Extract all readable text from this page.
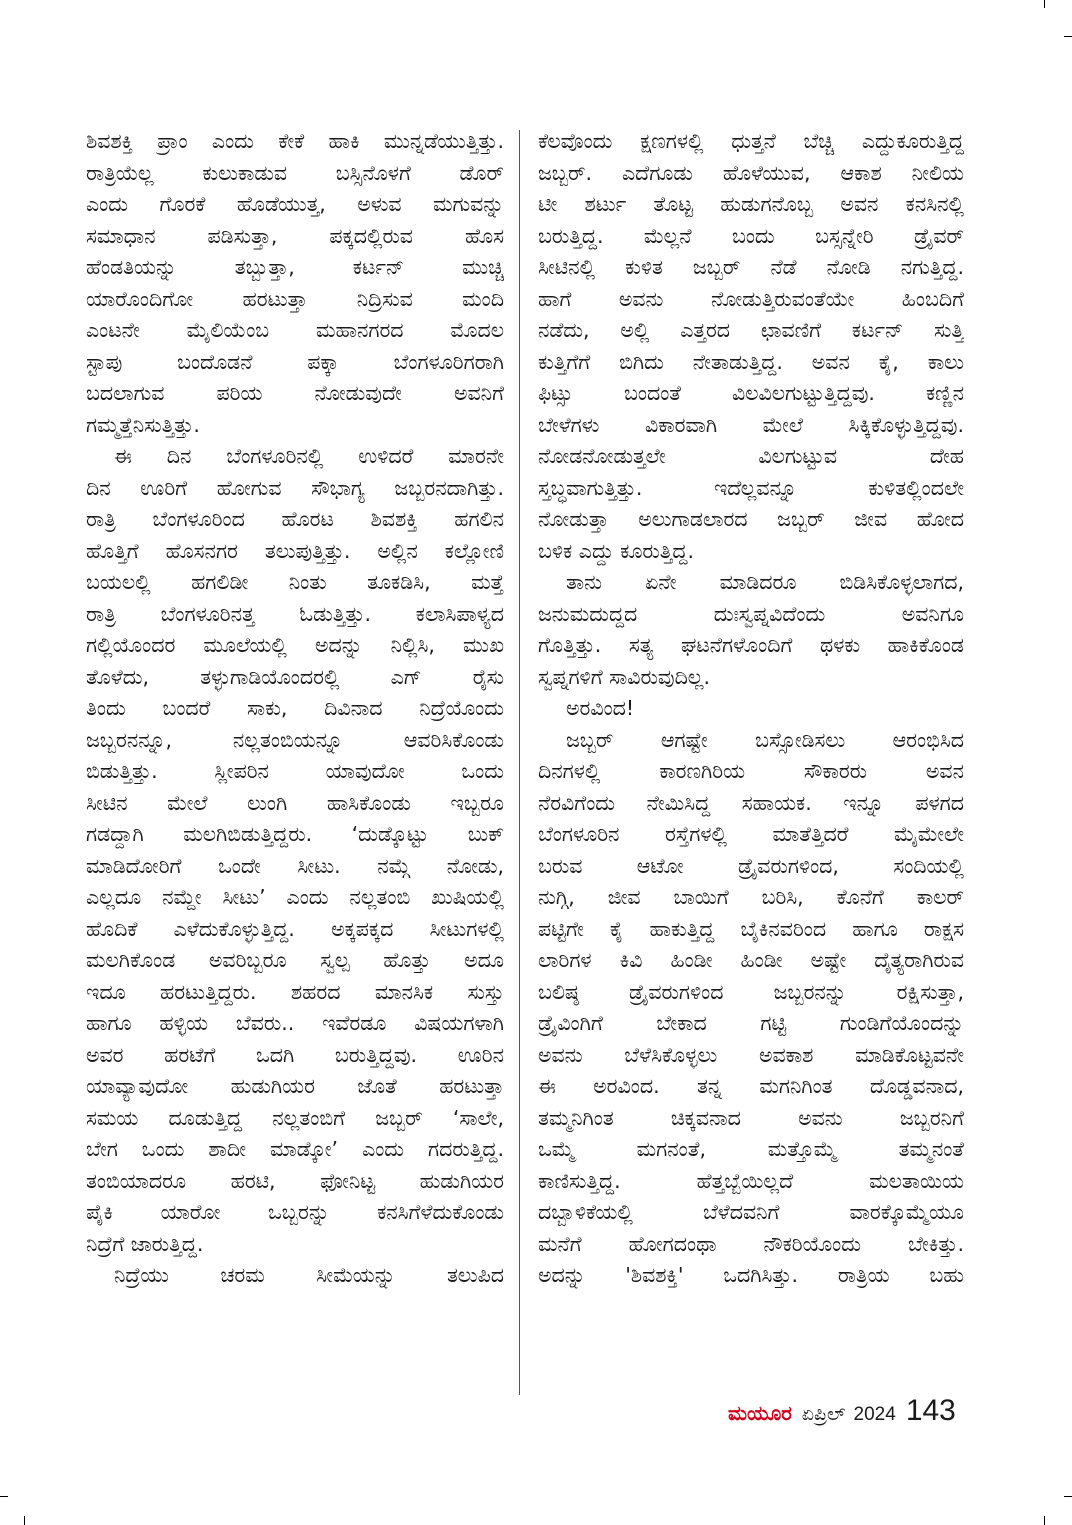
ಶಿವಶಕ್ತಿ ಪ್ರಾಂ ಎಂದು ಕೇಕೆ ಹಾಕಿ ಮುನ್ನಡೆಯುತ್ತಿತ್ತು.
ರಾತ್ರಿಯೆಲ್ಲ ಕುಲುಕಾಡುವ ಬಸ್ಸಿನೊಳಗೆ ಡೊರ್
ಎಂದು ಗೊರಕೆ ಹೊಡೆಯುತ್ತ, ಅಳುವ ಮಗುವನ್ನು
ಸಮಾಧಾನ ಪಡಿಸುತ್ತಾ, ಪಕ್ಕದಲ್ಲಿರುವ ಹೊಸ
ಹೆಂಡತಿಯನ್ನು ತಬ್ಬುತ್ತಾ, ಕರ್ಟನ್ ಮುಚ್ಚಿ
ಯಾರೊಂದಿಗೋ ಹರಟುತ್ತಾ ನಿದ್ರಿಸುವ ಮಂದಿ
ಎಂಟನೇ ಮೈಲಿಯೆಂಬ ಮಹಾನಗರದ ಮೊದಲ
ಸ್ಟಾಪು ಬಂದೊಡನೆ ಪಕ್ಕಾ ಬೆಂಗಳೂರಿಗರಾಗಿ
ಬದಲಾಗುವ ಪರಿಯ ನೋಡುವುದೇ ಅವನಿಗೆ
ಗಮ್ಮತ್ತೆನಿಸುತ್ತಿತ್ತು.
ಈ ದಿನ ಬೆಂಗಳೂರಿನಲ್ಲಿ ಉಳಿದರೆ ಮಾರನೇ
ದಿನ ಊರಿಗೆ ಹೋಗುವ ಸೌಭಾಗ್ಯ ಜಬ್ಬರನದಾಗಿತ್ತು.
ರಾತ್ರಿ ಬೆಂಗಳೂರಿಂದ ಹೊರಟ ಶಿವಶಕ್ತಿ ಹಗಲಿನ
ಹೊತ್ತಿಗೆ ಹೊಸನಗರ ತಲುಪುತ್ತಿತ್ತು. ಅಲ್ಲಿನ ಕಲ್ಲೋಣಿ
ಬಯಲಲ್ಲಿ ಹಗಲಿಡೀ ನಿಂತು ತೂಕಡಿಸಿ, ಮತ್ತೆ
ರಾತ್ರಿ ಬೆಂಗಳೂರಿನತ್ತ ಓಡುತ್ತಿತ್ತು. ಕಲಾಸಿಪಾಳ್ಯದ
ಗಲ್ಲಿಯೊಂದರ ಮೂಲೆಯಲ್ಲಿ ಅದನ್ನು ನಿಲ್ಲಿಸಿ, ಮುಖ
ತೊಳೆದು, ತಳ್ಳುಗಾಡಿಯೊಂದರಲ್ಲಿ ಎಗ್ ರೈಸು
ತಿಂದು ಬಂದರೆ ಸಾಕು, ದಿವಿನಾದ ನಿದ್ರೆಯೊಂದು
ಜಬ್ಬರನನ್ನೂ, ನಲ್ಲತಂಬಿಯನ್ನೂ ಆವರಿಸಿಕೊಂಡು
ಬಿಡುತ್ತಿತ್ತು. ಸ್ಲೀಪರಿನ ಯಾವುದೋ ಒಂದು
ಸೀಟಿನ ಮೇಲೆ ಲುಂಗಿ ಹಾಸಿಕೊಂಡು ಇಬ್ಬರೂ
ಗಡದ್ದಾಗಿ ಮಲಗಿಬಿಡುತ್ತಿದ್ದರು. ‘ದುಡ್ಕೊಟ್ಟು ಬುಕ್
ಮಾಡಿದೋರಿಗೆ ಒಂದೇ ಸೀಟು. ನಮ್ಗೆ ನೋಡು,
ಎಲ್ಲದೂ ನಮ್ದೇ ಸೀಟು’ ಎಂದು ನಲ್ಲತಂಬಿ ಖುಷಿಯಲ್ಲಿ
ಹೊದಿಕೆ ಎಳೆದುಕೊಳ್ಳುತ್ತಿದ್ದ. ಅಕ್ಕಪಕ್ಕದ ಸೀಟುಗಳಲ್ಲಿ
ಮಲಗಿಕೊಂಡ ಅವರಿಬ್ಬರೂ ಸ್ವಲ್ಪ ಹೊತ್ತು ಅದೂ
ಇದೂ ಹರಟುತ್ತಿದ್ದರು. ಶಹರದ ಮಾನಸಿಕ ಸುಸ್ತು
ಹಾಗೂ ಹಳ್ಳಿಯ ಬೆವರು.. ಇವೆರಡೂ ವಿಷಯಗಳಾಗಿ
ಅವರ ಹರಟೆಗೆ ಒದಗಿ ಬರುತ್ತಿದ್ದವು. ಊರಿನ
ಯಾವ್ಯಾವುದೋ ಹುಡುಗಿಯರ ಜೊತೆ ಹರಟುತ್ತಾ
ಸಮಯ ದೂಡುತ್ತಿದ್ದ ನಲ್ಲತಂಬಿಗೆ ಜಬ್ಬರ್ ‘ಸಾಲೇ,
ಬೇಗ ಒಂದು ಶಾದೀ ಮಾಡ್ಕೋ’ ಎಂದು ಗದರುತ್ತಿದ್ದ.
ತಂಬಿಯಾದರೂ ಹರಟಿ, ಫೋನಿಟ್ಟ ಹುಡುಗಿಯರ
ಪೈಕಿ ಯಾರೋ ಒಬ್ಬರನ್ನು ಕನಸಿಗೆಳೆದುಕೊಂಡು
ನಿದ್ರೆಗೆ ಜಾರುತ್ತಿದ್ದ.
ನಿದ್ರೆಯು ಚರಮ ಸೀಮೆಯನ್ನು ತಲುಪಿದ
ಕೆಲವೊಂದು ಕ್ಷಣಗಳಲ್ಲಿ ಧುತ್ತನೆ ಬೆಚ್ಚಿ ಎದ್ದುಕೂರುತ್ತಿದ್ದ
ಜಬ್ಬರ್. ಎದೆಗೂಡು ಹೊಳೆಯುವ, ಆಕಾಶ ನೀಲಿಯ
ಟೀ ಶರ್ಟು ತೊಟ್ಟ ಹುಡುಗನೊಬ್ಬ ಅವನ ಕನಸಿನಲ್ಲಿ
ಬರುತ್ತಿದ್ದ. ಮೆಲ್ಲನೆ ಬಂದು ಬಸ್ಸನ್ನೇರಿ ಡ್ರೈವರ್
ಸೀಟಿನಲ್ಲಿ ಕುಳಿತ ಜಬ್ಬರ್ ನೆಡೆ ನೋಡಿ ನಗುತ್ತಿದ್ದ.
ಹಾಗೆ ಅವನು ನೋಡುತ್ತಿರುವಂತೆಯೇ ಹಿಂಬದಿಗೆ
ನಡೆದು, ಅಲ್ಲಿ ಎತ್ತರದ ಛಾವಣಿಗೆ ಕರ್ಟನ್ ಸುತ್ತಿ
ಕುತ್ತಿಗೆಗೆ ಬಿಗಿದು ನೇತಾಡುತ್ತಿದ್ದ. ಅವನ ಕೈ, ಕಾಲು
ಫಿಟ್ಸು ಬಂದಂತೆ ವಿಲವಿಲಗುಟ್ಟುತ್ತಿದ್ದವು. ಕಣ್ಣಿನ
ಬೇಳೆಗಳು ವಿಕಾರವಾಗಿ ಮೇಲೆ ಸಿಕ್ಕಿಕೊಳ್ಳುತ್ತಿದ್ದವು.
ನೋಡನೋಡುತ್ತಲೇ ವಿಲಗುಟ್ಟುವ ದೇಹ
ಸ್ತಬ್ಧವಾಗುತ್ತಿತ್ತು. ಇದೆಲ್ಲವನ್ನೂ ಕುಳಿತಲ್ಲಿಂದಲೇ
ನೋಡುತ್ತಾ ಅಲುಗಾಡಲಾರದ ಜಬ್ಬರ್ ಜೀವ ಹೋದ
ಬಳಿಕ ಎದ್ದು ಕೂರುತ್ತಿದ್ದ.
ತಾನು ಏನೇ ಮಾಡಿದರೂ ಬಿಡಿಸಿಕೊಳ್ಳಲಾಗದ,
ಜನುಮದುದ್ದದ ದುಃಸ್ವಪ್ನವಿದೆಂದು ಅವನಿಗೂ
ಗೊತ್ತಿತ್ತು. ಸತ್ಯ ಘಟನೆಗಳೊಂದಿಗೆ ಥಳಕು ಹಾಕಿಕೊಂಡ
ಸ್ವಪ್ನಗಳಿಗೆ ಸಾವಿರುವುದಿಲ್ಲ.
ಅರವಿಂದ!
ಜಬ್ಬರ್ ಆಗಷ್ಟೇ ಬಸ್ಸೋಡಿಸಲು ಆರಂಭಿಸಿದ
ದಿನಗಳಲ್ಲಿ ಕಾರಣಗಿರಿಯ ಸೌಕಾರರು ಅವನ
ನೆರವಿಗೆಂದು ನೇಮಿಸಿದ್ದ ಸಹಾಯಕ. ಇನ್ನೂ ಪಳಗದ
ಬೆಂಗಳೂರಿನ ರಸ್ತೆಗಳಲ್ಲಿ ಮಾತೆತ್ತಿದರೆ ಮೈಮೇಲೇ
ಬರುವ ಆಟೋ ಡ್ರೈವರುಗಳಿಂದ, ಸಂದಿಯಲ್ಲಿ
ನುಗ್ಗಿ, ಜೀವ ಬಾಯಿಗೆ ಬರಿಸಿ, ಕೊನೆಗೆ ಕಾಲರ್
ಪಟ್ಟಿಗೇ ಕೈ ಹಾಕುತ್ತಿದ್ದ ಬೈಕಿನವರಿಂದ ಹಾಗೂ ರಾಕ್ಷಸ
ಲಾರಿಗಳ ಕಿವಿ ಹಿಂಡೀ ಹಿಂಡೀ ಅಷ್ಟೇ ದೈತ್ಯರಾಗಿರುವ
ಬಲಿಷ್ಠ ಡ್ರೈವರುಗಳಿಂದ ಜಬ್ಬರನನ್ನು ರಕ್ಷಿಸುತ್ತಾ,
ಡ್ರೈವಿಂಗಿಗೆ ಬೇಕಾದ ಗಟ್ಟಿ ಗುಂಡಿಗೆಯೊಂದನ್ನು
ಅವನು ಬೆಳೆಸಿಕೊಳ್ಳಲು ಅವಕಾಶ ಮಾಡಿಕೊಟ್ಟವನೇ
ಈ ಅರವಿಂದ. ತನ್ನ ಮಗನಿಗಿಂತ ದೊಡ್ಡವನಾದ,
ತಮ್ಮನಿಗಿಂತ ಚಿಕ್ಕವನಾದ ಅವನು ಜಬ್ಬರನಿಗೆ
ಒಮ್ಮೆ ಮಗನಂತೆ, ಮತ್ತೊಮ್ಮೆ ತಮ್ಮನಂತೆ
ಕಾಣಿಸುತ್ತಿದ್ದ. ಹೆತ್ತಬ್ಬೆಯಿಲ್ಲದೆ ಮಲತಾಯಿಯ
ದಬ್ಬಾಳಿಕೆಯಲ್ಲಿ ಬೆಳೆದವನಿಗೆ ವಾರಕ್ಕೊಮ್ಮೆಯೂ
ಮನೆಗೆ ಹೋಗದಂಥಾ ನೌಕರಿಯೊಂದು ಬೇಕಿತ್ತು.
ಅದನ್ನು 'ಶಿವಶಕ್ತಿ' ಒದಗಿಸಿತ್ತು. ರಾತ್ರಿಯ ಬಹು
ಮಯೂರ ಏಪ್ರಿಲ್ 2024 143
